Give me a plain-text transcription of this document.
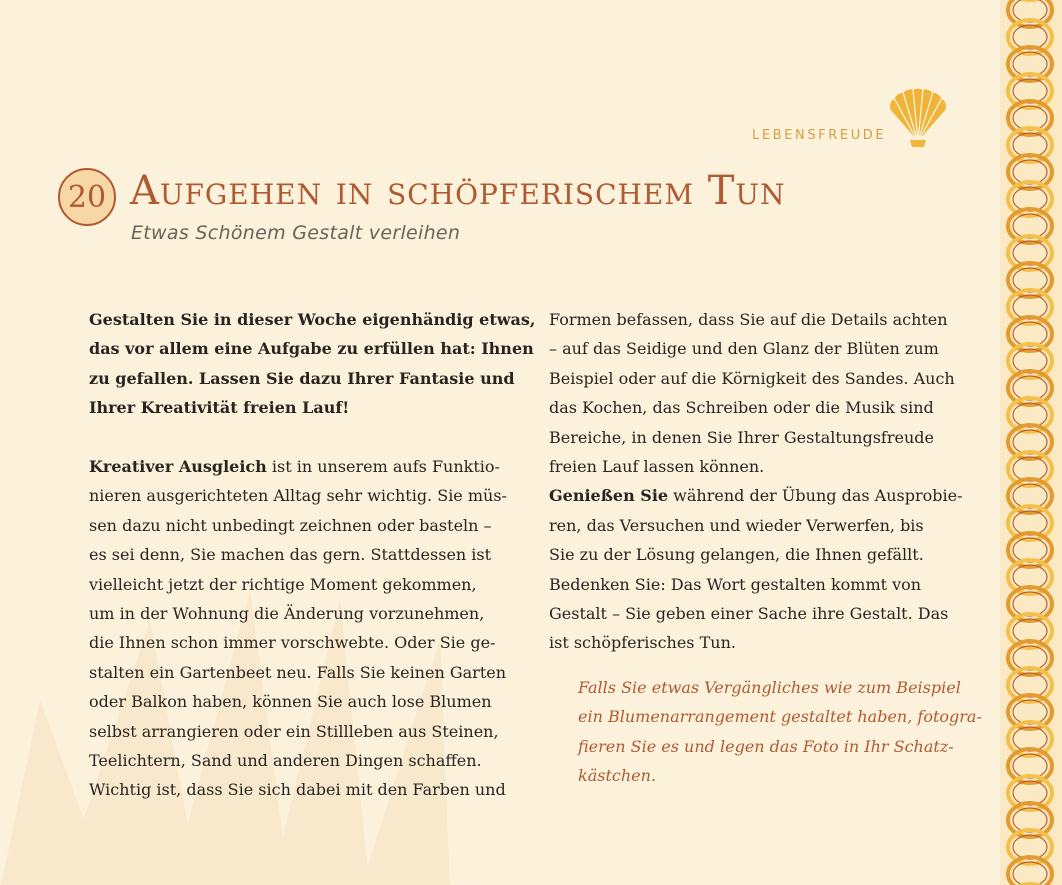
LEBENSFREUDE
20 Aufgehen in schöpferischem Tun
Etwas Schönem Gestalt verleihen
Gestalten Sie in dieser Woche eigenhändig etwas,
das vor allem eine Aufgabe zu erfüllen hat: Ihnen
zu gefallen. Lassen Sie dazu Ihrer Fantasie und
Ihrer Kreativität freien Lauf!
Kreativer Ausgleich ist in unserem aufs Funktio-
nieren ausgerichteten Alltag sehr wichtig. Sie müs-
sen dazu nicht unbedingt zeichnen oder basteln –
es sei denn, Sie machen das gern. Stattdessen ist
vielleicht jetzt der richtige Moment gekommen,
um in der Wohnung die Änderung vorzunehmen,
die Ihnen schon immer vorschwebte. Oder Sie ge-
stalten ein Gartenbeet neu. Falls Sie keinen Garten
oder Balkon haben, können Sie auch lose Blumen
selbst arrangieren oder ein Stillleben aus Steinen,
Teelichtern, Sand und anderen Dingen schaffen.
Wichtig ist, dass Sie sich dabei mit den Farben und
Formen befassen, dass Sie auf die Details achten
– auf das Seidige und den Glanz der Blüten zum
Beispiel oder auf die Körnigkeit des Sandes. Auch
das Kochen, das Schreiben oder die Musik sind
Bereiche, in denen Sie Ihrer Gestaltungsfreude
freien Lauf lassen können.
Genießen Sie während der Übung das Ausprobie-
ren, das Versuchen und wieder Verwerfen, bis
Sie zu der Lösung gelangen, die Ihnen gefällt.
Bedenken Sie: Das Wort gestalten kommt von
Gestalt – Sie geben einer Sache ihre Gestalt. Das
ist schöpferisches Tun.
Falls Sie etwas Vergängliches wie zum Beispiel
ein Blumenarrangement gestaltet haben, fotogra-
fieren Sie es und legen das Foto in Ihr Schatz-
kästchen.
